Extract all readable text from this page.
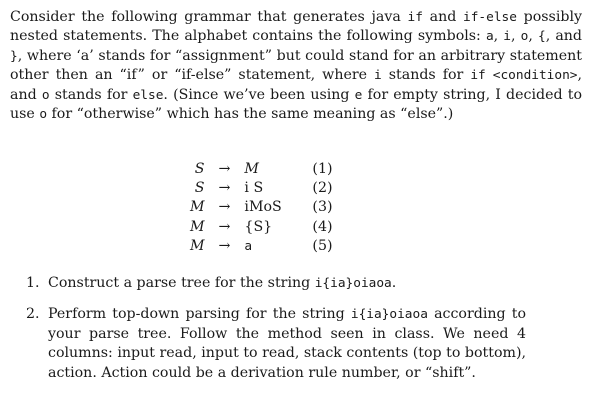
Consider the following grammar that generates java if and if-else possibly nested statements. The alphabet contains the following symbols: a, i, o, {, and }, where ‘a’ stands for “assignment” but could stand for an arbitrary statement other then an “if” or “if-else” statement, where i stands for if <condition>, and o stands for else. (Since we’ve been using e for empty string, I decided to use o for “otherwise” which has the same meaning as “else”.)

S	→	M	(1)
S	→	i S	(2)
M	→	iMoS	(3)
M	→	{S}	(4)
M	→	a	(5)
1. Construct a parse tree for the string i{ia}oiaoa.
2. Perform top-down parsing for the string i{ia}oiaoa according to your parse tree. Follow the method seen in class. We need 4 columns: input read, input to read, stack contents (top to bottom), action. Action could be a derivation rule number, or “shift”.
